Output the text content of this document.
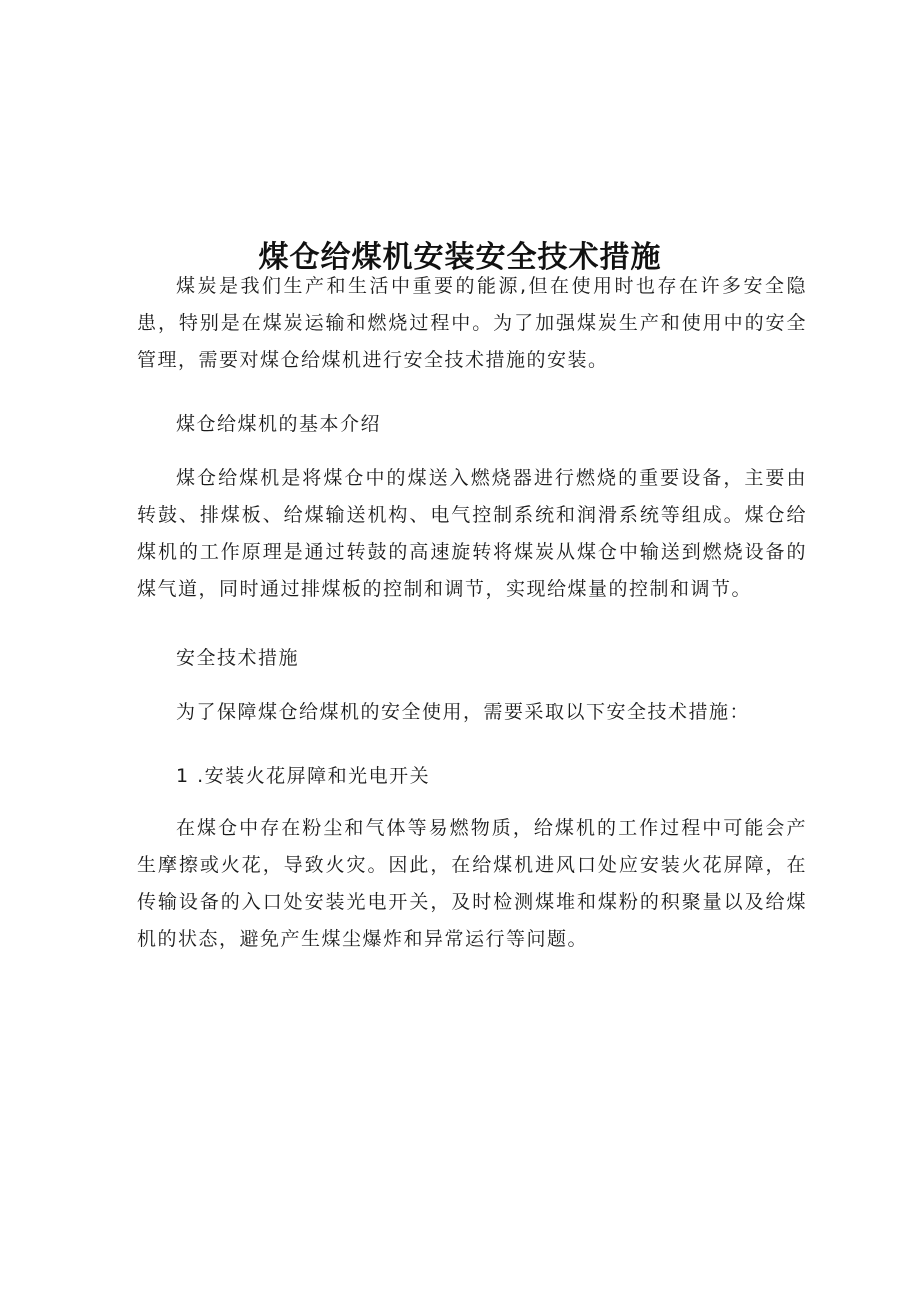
煤仓给煤机安装安全技术措施

煤炭是我们生产和生活中重要的能源,但在使用时也存在许多安全隐患，特别是在煤炭运输和燃烧过程中。为了加强煤炭生产和使用中的安全管理，需要对煤仓给煤机进行安全技术措施的安装。

煤仓给煤机的基本介绍

煤仓给煤机是将煤仓中的煤送入燃烧器进行燃烧的重要设备，主要由转鼓、排煤板、给煤输送机构、电气控制系统和润滑系统等组成。煤仓给煤机的工作原理是通过转鼓的高速旋转将煤炭从煤仓中输送到燃烧设备的煤气道，同时通过排煤板的控制和调节，实现给煤量的控制和调节。

安全技术措施

为了保障煤仓给煤机的安全使用，需要采取以下安全技术措施：

1 .安装火花屏障和光电开关

在煤仓中存在粉尘和气体等易燃物质，给煤机的工作过程中可能会产生摩擦或火花，导致火灾。因此，在给煤机进风口处应安装火花屏障，在传输设备的入口处安装光电开关，及时检测煤堆和煤粉的积聚量以及给煤机的状态，避免产生煤尘爆炸和异常运行等问题。
